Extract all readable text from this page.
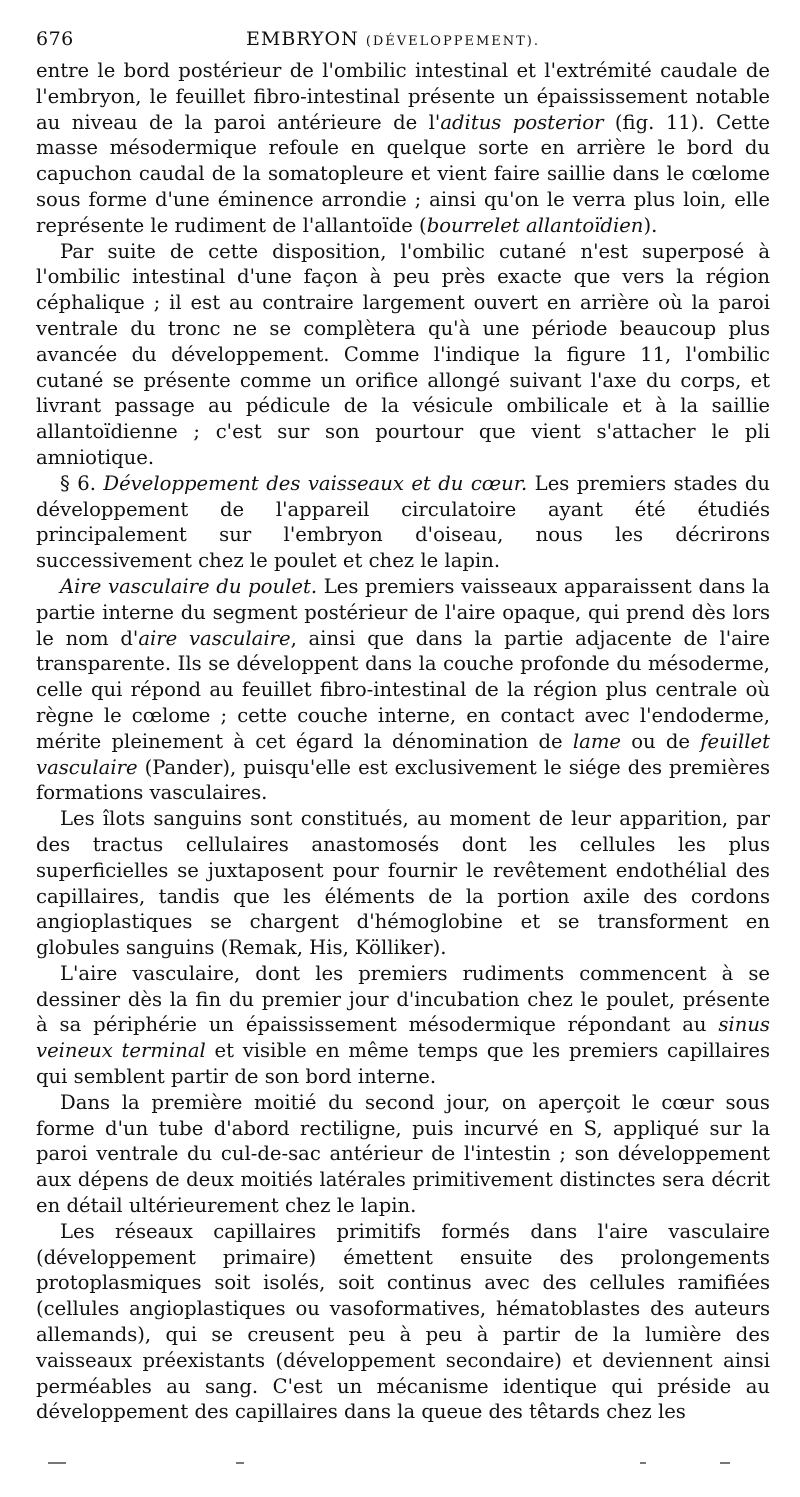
676	EMBRYON (DÉVELOPPEMENT).

entre le bord postérieur de l'ombilic intestinal et l'extrémité caudale de l'embryon, le feuillet fibro-intestinal présente un épaississement notable au niveau de la paroi antérieure de l'aditus posterior (fig. 11). Cette masse mésodermique refoule en quelque sorte en arrière le bord du capuchon caudal de la somatopleure et vient faire saillie dans le cœlome sous forme d'une éminence arrondie ; ainsi qu'on le verra plus loin, elle représente le rudiment de l'allantoïde (bourrelet allantoïdien).

Par suite de cette disposition, l'ombilic cutané n'est superposé à l'ombilic intestinal d'une façon à peu près exacte que vers la région céphalique ; il est au contraire largement ouvert en arrière où la paroi ventrale du tronc ne se complètera qu'à une période beaucoup plus avancée du développement. Comme l'indique la figure 11, l'ombilic cutané se présente comme un orifice allongé suivant l'axe du corps, et livrant passage au pédicule de la vésicule ombilicale et à la saillie allantoïdienne ; c'est sur son pourtour que vient s'attacher le pli amniotique.

§ 6. Développement des vaisseaux et du cœur. Les premiers stades du développement de l'appareil circulatoire ayant été étudiés principalement sur l'embryon d'oiseau, nous les décrirons successivement chez le poulet et chez le lapin.

Aire vasculaire du poulet. Les premiers vaisseaux apparaissent dans la partie interne du segment postérieur de l'aire opaque, qui prend dès lors le nom d'aire vasculaire, ainsi que dans la partie adjacente de l'aire transparente. Ils se développent dans la couche profonde du mésoderme, celle qui répond au feuillet fibro-intestinal de la région plus centrale où règne le cœlome ; cette couche interne, en contact avec l'endoderme, mérite pleinement à cet égard la dénomination de lame ou de feuillet vasculaire (Pander), puisqu'elle est exclusivement le siége des premières formations vasculaires.

Les îlots sanguins sont constitués, au moment de leur apparition, par des tractus cellulaires anastomosés dont les cellules les plus superficielles se juxtaposent pour fournir le revêtement endothélial des capillaires, tandis que les éléments de la portion axile des cordons angioplastiques se chargent d'hémoglobine et se transforment en globules sanguins (Remak, His, Kölliker).

L'aire vasculaire, dont les premiers rudiments commencent à se dessiner dès la fin du premier jour d'incubation chez le poulet, présente à sa périphérie un épaississement mésodermique répondant au sinus veineux terminal et visible en même temps que les premiers capillaires qui semblent partir de son bord interne.

Dans la première moitié du second jour, on aperçoit le cœur sous forme d'un tube d'abord rectiligne, puis incurvé en S, appliqué sur la paroi ventrale du cul-de-sac antérieur de l'intestin ; son développement aux dépens de deux moitiés latérales primitivement distinctes sera décrit en détail ultérieurement chez le lapin.

Les réseaux capillaires primitifs formés dans l'aire vasculaire (développement primaire) émettent ensuite des prolongements protoplasmiques soit isolés, soit continus avec des cellules ramifiées (cellules angioplastiques ou vasoformatives, hématoblastes des auteurs allemands), qui se creusent peu à peu à partir de la lumière des vaisseaux préexistants (développement secondaire) et deviennent ainsi perméables au sang. C'est un mécanisme identique qui préside au développement des capillaires dans la queue des têtards chez les
